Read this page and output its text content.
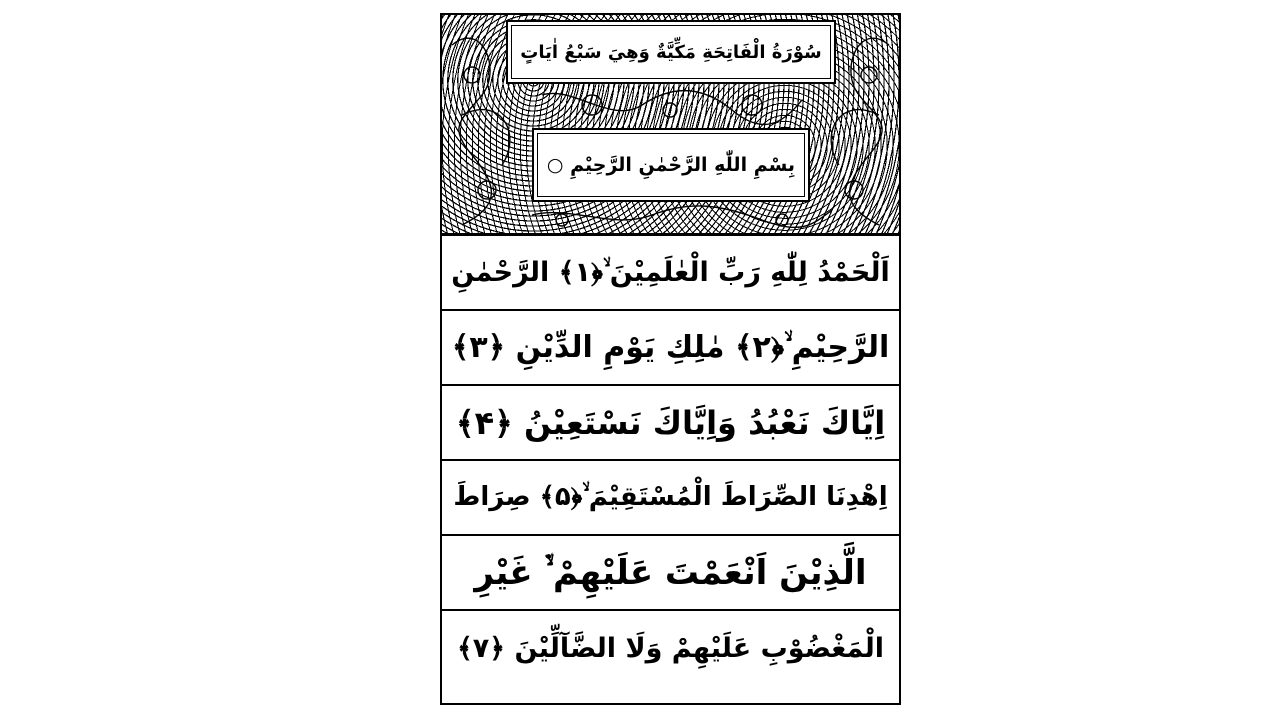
سُوْرَةُ الْفَاتِحَةِ مَكِّيَّةٌ وَهِيَ سَبْعُ اٰيَاتٍ
بِسْمِ اللّٰهِ الرَّحْمٰنِ الرَّحِيْمِ ○
اَلْحَمْدُ لِلّٰهِ رَبِّ الْعٰلَمِيْنَ ۙ﴿۱﴾ الرَّحْمٰنِ
الرَّحِيْمِ ۙ﴿۲﴾ مٰلِكِ يَوْمِ الدِّيْنِ ﴿۳﴾
اِيَّاكَ نَعْبُدُ وَاِيَّاكَ نَسْتَعِيْنُ ﴿۴﴾
اِهْدِنَا الصِّرَاطَ الْمُسْتَقِيْمَ ۙ﴿۵﴾ صِرَاطَ
الَّذِيْنَ اَنْعَمْتَ عَلَيْهِمْ ۙ۬ غَيْرِ
الْمَغْضُوْبِ عَلَيْهِمْ وَلَا الضَّآلِّيْنَ ﴿۷﴾
